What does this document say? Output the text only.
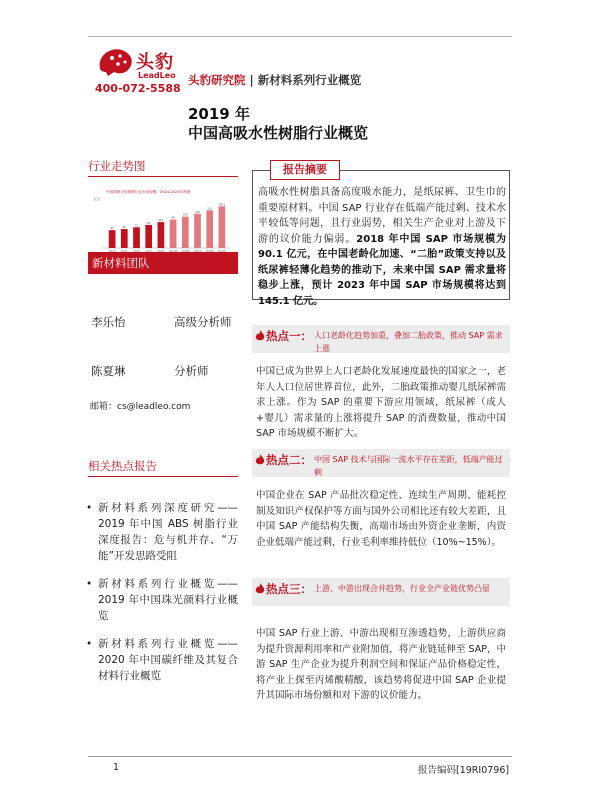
头豹
LeadLeo
400-072-5588
头豹研究院 | 新材料系列行业概览
2019 年
中国高吸水性树脂行业概览
行业走势图
中国高吸水性树脂行业市场规模，2014-2023年预测
亿元
62	66
72
80
90.1
99
109
119
131
145.1
新材料团队
李乐怡	高级分析师
陈夏琳	分析师
邮箱：cs@leadleo.com
相关热点报告
• 新材料系列深度研究——2019 年中国 ABS 树脂行业深度报告：危与机并存、“万能”开发思路受阻
• 新材料系列行业概览——2019 年中国珠光颜料行业概览
• 新材料系列行业概览——2020 年中国碳纤维及其复合材料行业概览
报告摘要
高吸水性树脂具备高度吸水能力，是纸尿裤、卫生巾的重要原材料。中国 SAP 行业存在低端产能过剩、技术水平较低等问题，且行业弱势，相关生产企业对上游及下游的议价能力偏弱。2018 年中国 SAP 市场规模为 90.1 亿元，在中国老龄化加速、“二胎”政策支持以及纸尿裤轻薄化趋势的推动下，未来中国 SAP 需求量将稳步上涨，预计 2023 年中国 SAP 市场规模将达到 145.1 亿元。
热点一： 人口老龄化趋势加重，叠加二胎政策，推动 SAP 需求上涨
中国已成为世界上人口老龄化发展速度最快的国家之一，老年人人口位居世界首位，此外，二胎政策推动婴儿纸尿裤需求上涨。作为 SAP 的重要下游应用领域，纸尿裤（成人+婴儿）需求量的上涨将提升 SAP 的消费数量，推动中国 SAP 市场规模不断扩大。
热点二： 中国 SAP 技术与国际一流水平存在差距，低端产能过剩
中国企业在 SAP 产品批次稳定性、连续生产周期、能耗控制及知识产权保护等方面与国外公司相比还有较大差距，且中国 SAP 产能结构失衡，高端市场由外资企业垄断，内资企业低端产能过剩，行业毛利率维持低位（10%~15%）。
热点三： 上游、中游出现合并趋势，行业全产业链优势凸显
中国 SAP 行业上游、中游出现相互渗透趋势，上游供应商为提升资源利用率和产业附加值，将产业链延伸至 SAP，中游 SAP 生产企业为提升利润空间和保证产品价格稳定性，将产业上探至丙烯酸精酸，该趋势将促进中国 SAP 企业提升其国际市场份额和对下游的议价能力。
1	报告编码[19RI0796]
